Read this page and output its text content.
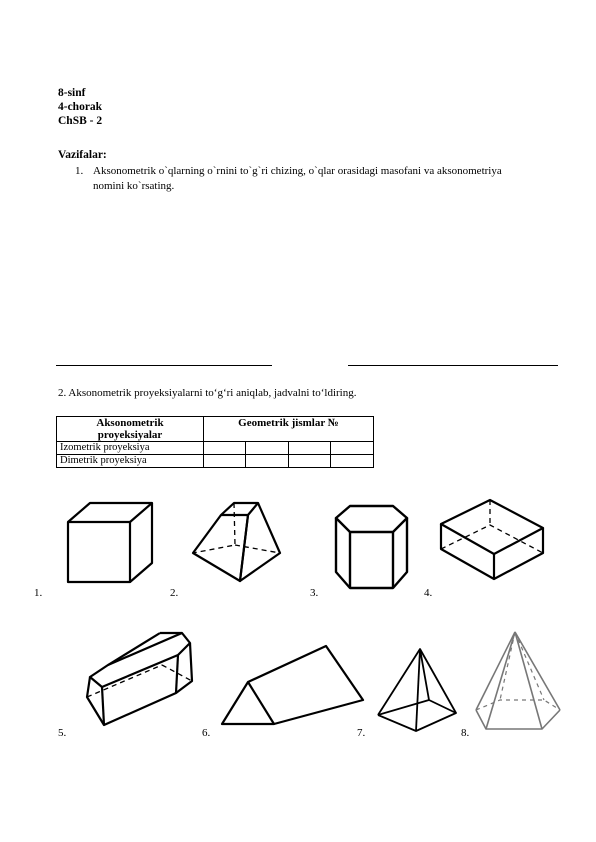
8-sinf
4-chorak
ChSB - 2
Vazifalar:
1. Aksonometrik o`qlarning o`rnini to`g`ri chizing, o`qlar orasidagi masofani va aksonometriya
nomini ko`rsating.
2. Aksonometrik proyeksiyalarni to‘g‘ri aniqlab, jadvalni to‘ldiring.
Aksonometrik
proyeksiyalar	Geometrik jismlar №			
Izometrik proyeksiya				
Dimetrik proyeksiya				
1.	2.	3.	4.
5.	6.	7.	8.
